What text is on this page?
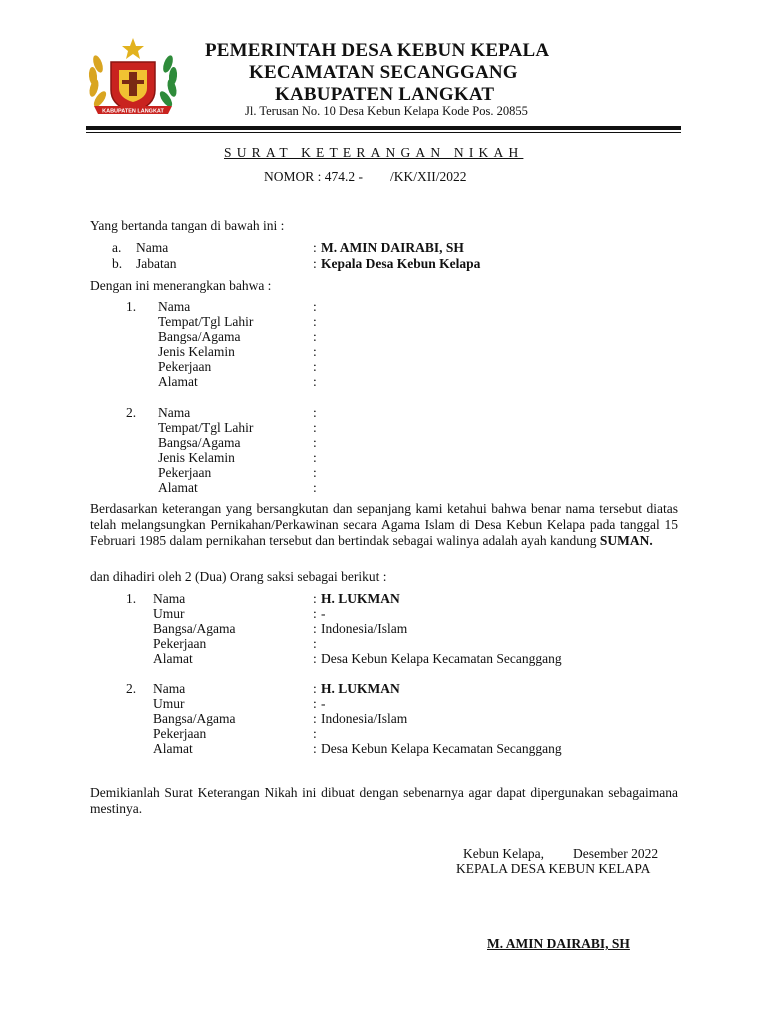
KABUPATEN LANGKAT
PEMERINTAH DESA KEBUN KEPALA
KECAMATAN SECANGGANG
KABUPATEN LANGKAT
Jl. Terusan No. 10 Desa Kebun Kelapa Kode Pos. 20855
SURAT KETERANGAN NIKAH
NOMOR : 474.2 -        /KK/XII/2022
Yang bertanda tangan di bawah ini :
a. Nama	: M. AMIN DAIRABI, SH
b. Jabatan	: Kepala Desa Kebun Kelapa
Dengan ini menerangkan bahwa :
1. Nama	:
Tempat/Tgl Lahir	:
Bangsa/Agama	:
Jenis Kelamin	:
Pekerjaan	:
Alamat	:
2. Nama	:
Tempat/Tgl Lahir	:
Bangsa/Agama	:
Jenis Kelamin	:
Pekerjaan	:
Alamat	:
Berdasarkan keterangan yang bersangkutan dan sepanjang kami ketahui bahwa benar nama tersebut diatas telah melangsungkan Pernikahan/Perkawinan secara Agama Islam di Desa Kebun Kelapa pada tanggal 15 Februari 1985 dalam pernikahan tersebut dan bertindak sebagai walinya adalah ayah kandung SUMAN.
dan dihadiri oleh 2 (Dua) Orang saksi sebagai berikut :
1. Nama	: H. LUKMAN
Umur	: -
Bangsa/Agama	: Indonesia/Islam
Pekerjaan	:
Alamat	: Desa Kebun Kelapa Kecamatan Secanggang
2. Nama	: H. LUKMAN
Umur	: -
Bangsa/Agama	: Indonesia/Islam
Pekerjaan	:
Alamat	: Desa Kebun Kelapa Kecamatan Secanggang
Demikianlah Surat Keterangan Nikah ini dibuat dengan sebenarnya agar dapat dipergunakan sebagaimana mestinya.
Kebun Kelapa, Desember 2022
KEPALA DESA KEBUN KELAPA
M. AMIN DAIRABI, SH
